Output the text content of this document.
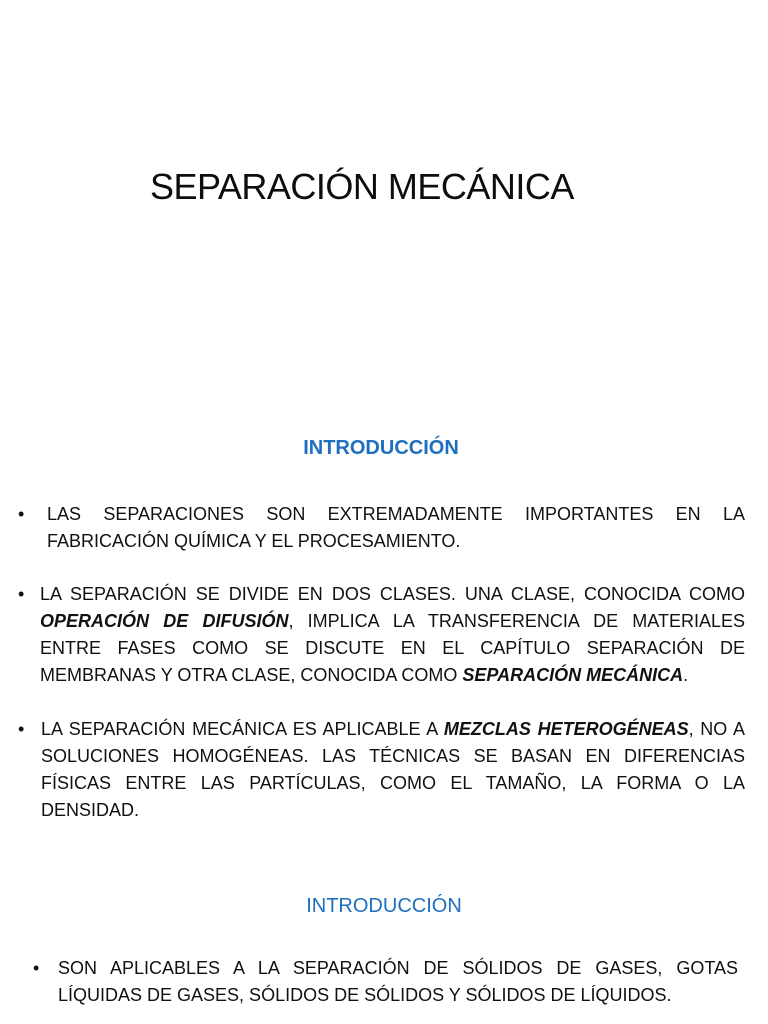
SEPARACIÓN MECÁNICA
INTRODUCCIÓN
•	LAS SEPARACIONES SON EXTREMADAMENTE IMPORTANTES EN LA FABRICACIÓN QUÍMICA Y EL PROCESAMIENTO.
• LA SEPARACIÓN SE DIVIDE EN DOS CLASES. UNA CLASE, CONOCIDA COMO OPERACIÓN DE DIFUSIÓN, IMPLICA LA TRANSFERENCIA DE MATERIALES ENTRE FASES COMO SE DISCUTE EN EL CAPÍTULO SEPARACIÓN DE MEMBRANAS Y OTRA CLASE, CONOCIDA COMO SEPARACIÓN MECÁNICA.
• LA SEPARACIÓN MECÁNICA ES APLICABLE A MEZCLAS HETEROGÉNEAS, NO A SOLUCIONES HOMOGÉNEAS. LAS TÉCNICAS SE BASAN EN DIFERENCIAS FÍSICAS ENTRE LAS PARTÍCULAS, COMO EL TAMAÑO, LA FORMA O LA DENSIDAD.
INTRODUCCIÓN
•	SON APLICABLES A LA SEPARACIÓN DE SÓLIDOS DE GASES, GOTAS LÍQUIDAS DE GASES, SÓLIDOS DE SÓLIDOS Y SÓLIDOS DE LÍQUIDOS.
